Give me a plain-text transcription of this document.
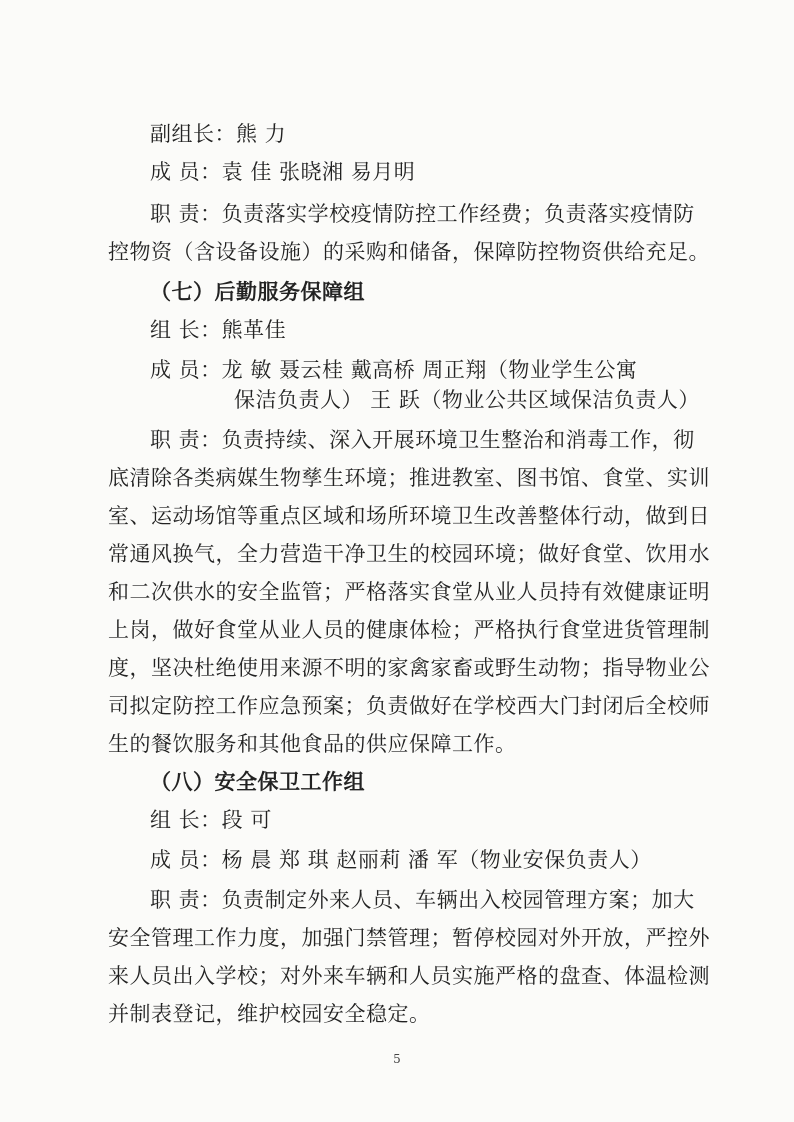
副组长：熊 力
成 员：袁 佳 张晓湘 易月明
职 责：负责落实学校疫情防控工作经费；负责落实疫情防
控物资（含设备设施）的采购和储备，保障防控物资供给充足。
（七）后勤服务保障组
组 长：熊革佳
成 员：龙 敏 聂云桂 戴高桥 周正翔（物业学生公寓
保洁负责人） 王 跃（物业公共区域保洁负责人）
职 责：负责持续、深入开展环境卫生整治和消毒工作，彻
底清除各类病媒生物孳生环境；推进教室、图书馆、食堂、实训
室、运动场馆等重点区域和场所环境卫生改善整体行动，做到日
常通风换气，全力营造干净卫生的校园环境；做好食堂、饮用水
和二次供水的安全监管；严格落实食堂从业人员持有效健康证明
上岗，做好食堂从业人员的健康体检；严格执行食堂进货管理制
度，坚决杜绝使用来源不明的家禽家畜或野生动物；指导物业公
司拟定防控工作应急预案；负责做好在学校西大门封闭后全校师
生的餐饮服务和其他食品的供应保障工作。
（八）安全保卫工作组
组 长：段 可
成 员：杨 晨 郑 琪 赵丽莉 潘 军（物业安保负责人）
职 责：负责制定外来人员、车辆出入校园管理方案；加大
安全管理工作力度，加强门禁管理；暂停校园对外开放，严控外
来人员出入学校；对外来车辆和人员实施严格的盘查、体温检测
并制表登记，维护校园安全稳定。
5
